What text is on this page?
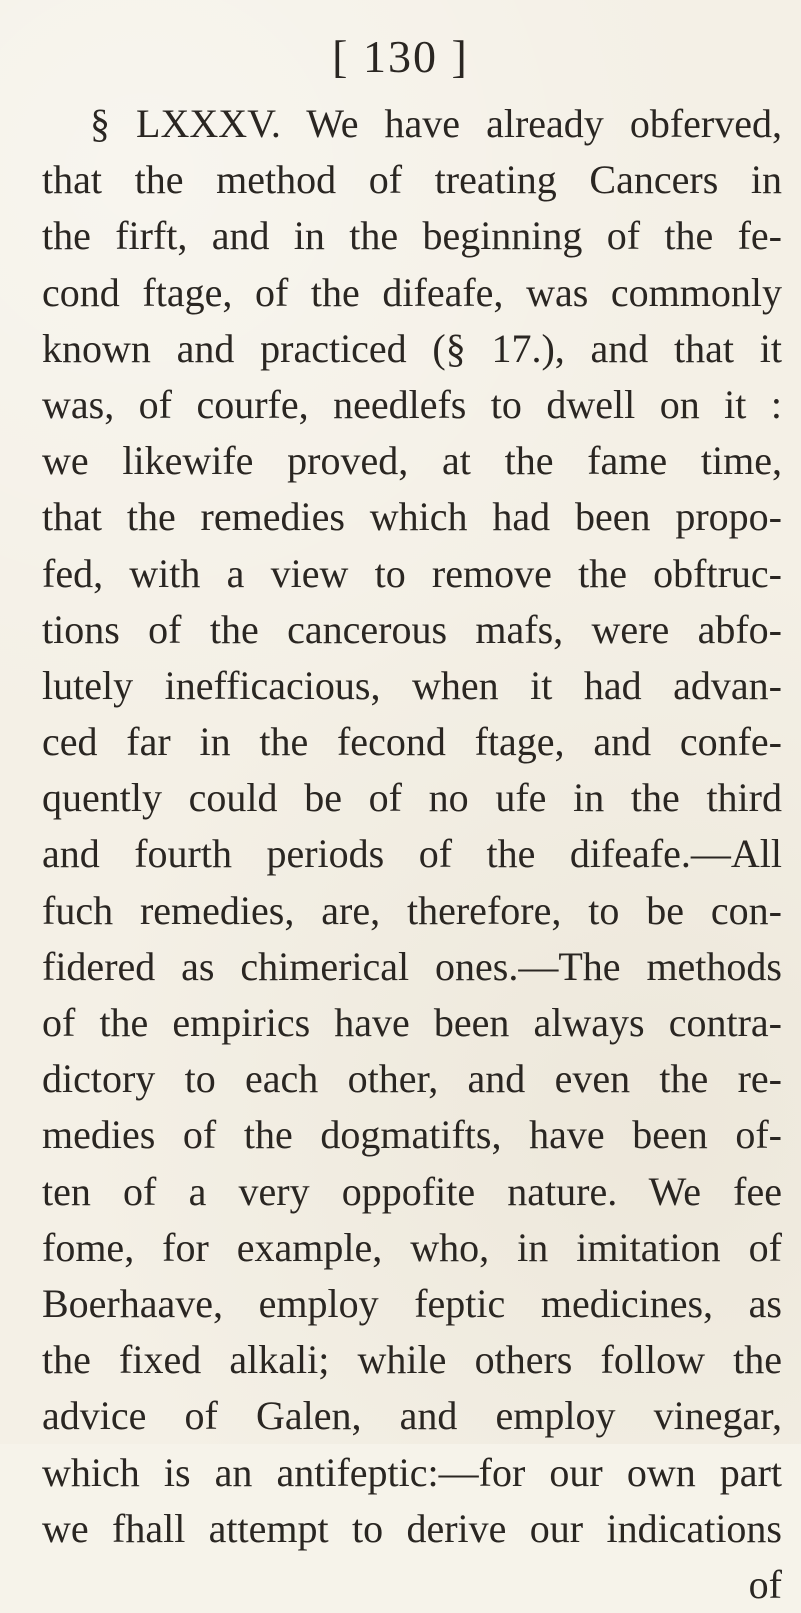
[ 130 ]
§ LXXXV. We have already obferved,
that the method of treating Cancers in
the firft, and in the beginning of the fe-
cond ftage, of the difeafe, was commonly
known and practiced (§ 17.), and that it
was, of courfe, needlefs to dwell on it :
we likewife proved, at the fame time,
that the remedies which had been propo-
fed, with a view to remove the obftruc-
tions of the cancerous mafs, were abfo-
lutely inefficacious, when it had advan-
ced far in the fecond ftage, and confe-
quently could be of no ufe in the third
and fourth periods of the difeafe.—All
fuch remedies, are, therefore, to be con-
fidered as chimerical ones.—The methods
of the empirics have been always contra-
dictory to each other, and even the re-
medies of the dogmatifts, have been of-
ten of a very oppofite nature. We fee
fome, for example, who, in imitation of
Boerhaave, employ feptic medicines, as
the fixed alkali; while others follow the
advice of Galen, and employ vinegar,
which is an antifeptic:—for our own part
we fhall attempt to derive our indications
of
